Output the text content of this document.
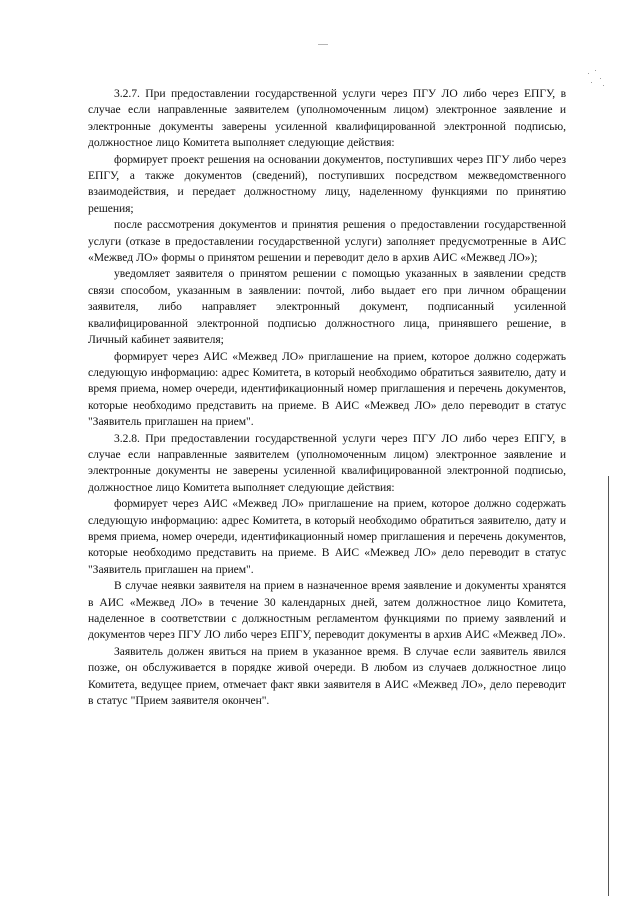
3.2.7. При предоставлении государственной услуги через ПГУ ЛО либо через ЕПГУ, в случае если направленные заявителем (уполномоченным лицом) электронное заявление и электронные документы заверены усиленной квалифицированной электронной подписью, должностное лицо Комитета выполняет следующие действия:

формирует проект решения на основании документов, поступивших через ПГУ либо через ЕПГУ, а также документов (сведений), поступивших посредством межведомственного взаимодействия, и передает должностному лицу, наделенному функциями по принятию решения;

после рассмотрения документов и принятия решения о предоставлении государственной услуги (отказе в предоставлении государственной услуги) заполняет предусмотренные в АИС «Межвед ЛО» формы о принятом решении и переводит дело в архив АИС «Межвед ЛО»);

уведомляет заявителя о принятом решении с помощью указанных в заявлении средств связи способом, указанным в заявлении: почтой, либо выдает его при личном обращении заявителя, либо направляет электронный документ, подписанный усиленной квалифицированной электронной подписью должностного лица, принявшего решение, в Личный кабинет заявителя;

формирует через АИС «Межвед ЛО» приглашение на прием, которое должно содержать следующую информацию: адрес Комитета, в который необходимо обратиться заявителю, дату и время приема, номер очереди, идентификационный номер приглашения и перечень документов, которые необходимо представить на приеме. В АИС «Межвед ЛО» дело переводит в статус "Заявитель приглашен на прием".

3.2.8. При предоставлении государственной услуги через ПГУ ЛО либо через ЕПГУ, в случае если направленные заявителем (уполномоченным лицом) электронное заявление и электронные документы не заверены усиленной квалифицированной электронной подписью, должностное лицо Комитета выполняет следующие действия:

формирует через АИС «Межвед ЛО» приглашение на прием, которое должно содержать следующую информацию: адрес Комитета, в который необходимо обратиться заявителю, дату и время приема, номер очереди, идентификационный номер приглашения и перечень документов, которые необходимо представить на приеме. В АИС «Межвед ЛО» дело переводит в статус "Заявитель приглашен на прием".

В случае неявки заявителя на прием в назначенное время заявление и документы хранятся в АИС «Межвед ЛО» в течение 30 календарных дней, затем должностное лицо Комитета, наделенное в соответствии с должностным регламентом функциями по приему заявлений и документов через ПГУ ЛО либо через ЕПГУ, переводит документы в архив АИС «Межвед ЛО».

Заявитель должен явиться на прием в указанное время. В случае если заявитель явился позже, он обслуживается в порядке живой очереди. В любом из случаев должностное лицо Комитета, ведущее прием, отмечает факт явки заявителя в АИС «Межвед ЛО», дело переводит в статус "Прием заявителя окончен".
